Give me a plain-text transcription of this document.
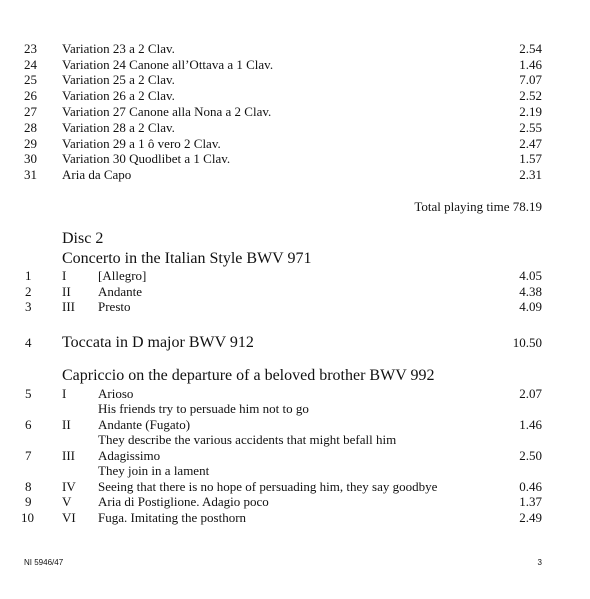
23 Variation 23 a 2 Clav.	2.54
24 Variation 24 Canone all’Ottava a 1 Clav.	1.46
25 Variation 25 a 2 Clav.	7.07
26 Variation 26 a 2 Clav.	2.52
27 Variation 27 Canone alla Nona a 2 Clav.	2.19
28 Variation 28 a 2 Clav.	2.55
29 Variation 29 a 1 ô vero 2 Clav.	2.47
30 Variation 30 Quodlibet a 1 Clav.	1.57
31 Aria da Capo	2.31
Total playing time 78.19
Disc 2
Concerto in the Italian Style BWV 971
1 I [Allegro]	4.05
2 II Andante	4.38
3 III Presto	4.09
4 Toccata in D major BWV 912	10.50
Capriccio on the departure of a beloved brother BWV 992
5 I Arioso	2.07
His friends try to persuade him not to go
6 II Andante (Fugato)	1.46
They describe the various accidents that might befall him
7 III Adagissimo	2.50
They join in a lament
8 IV Seeing that there is no hope of persuading him, they say goodbye	0.46
9 V Aria di Postiglione. Adagio poco	1.37
10 VI Fuga. Imitating the posthorn	2.49
NI 5946/47	3
